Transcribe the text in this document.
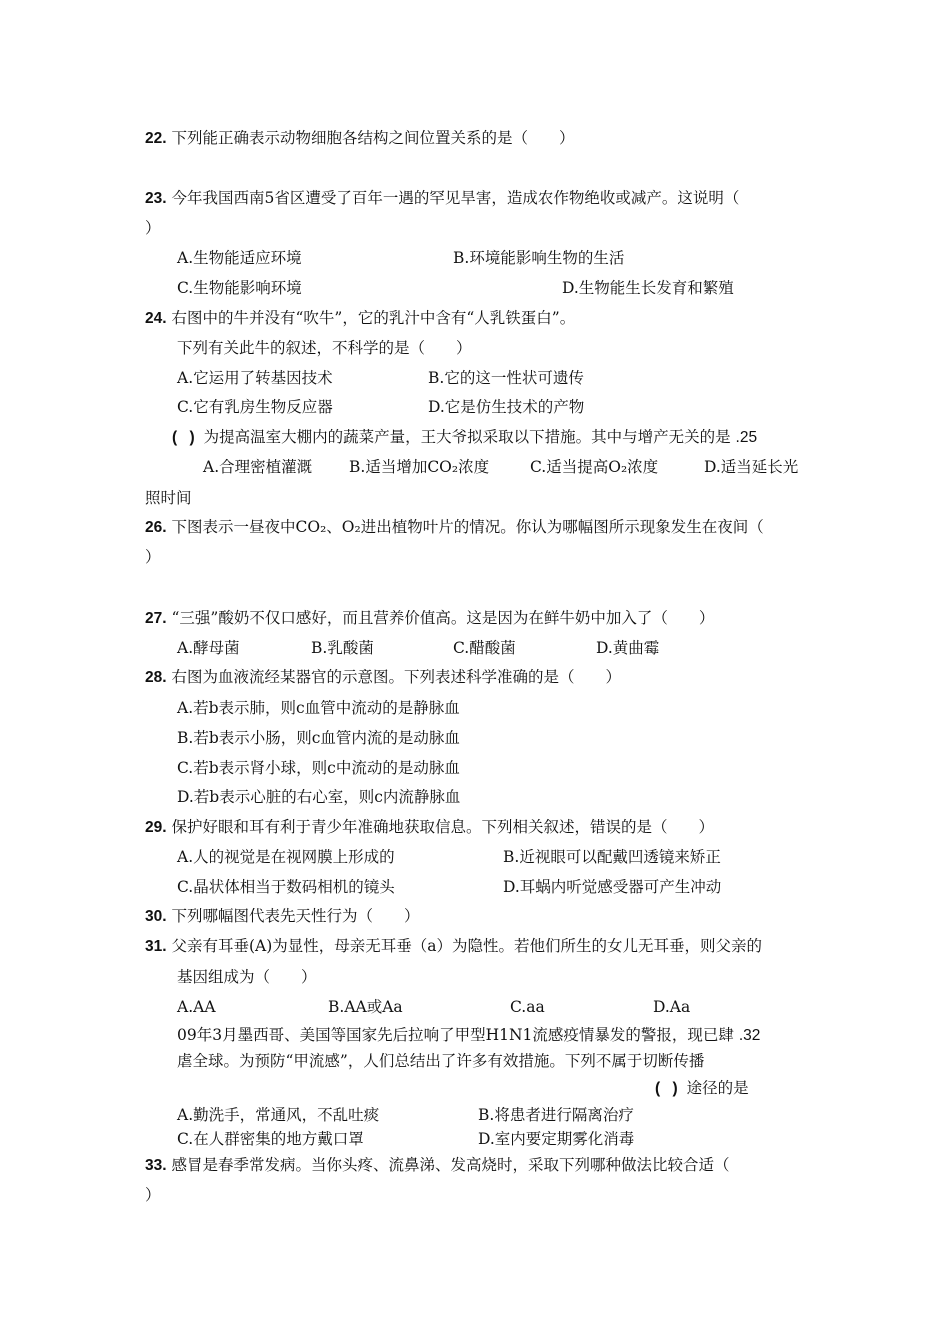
22. 下列能正确表示动物细胞各结构之间位置关系的是（　　）
23. 今年我国西南5省区遭受了百年一遇的罕见旱害，造成农作物绝收或减产。这说明（
）
A.生物能适应环境	B.环境能影响生物的生活
C.生物能影响环境	D.生物能生长发育和繁殖
24. 右图中的牛并没有“吹牛”，它的乳汁中含有“人乳铁蛋白”。
下列有关此牛的叙述，不科学的是（　　）
A.它运用了转基因技术	B.它的这一性状可遗传
C.它有乳房生物反应器	D.它是仿生技术的产物
( ) 为提高温室大棚内的蔬菜产量，王大爷拟采取以下措施。其中与增产无关的是 .25
A.合理密植灌溉 B.适当增加CO₂浓度	C.适当提高O₂浓度	D.适当延长光
照时间
26. 下图表示一昼夜中CO₂、O₂进出植物叶片的情况。你认为哪幅图所示现象发生在夜间（
）
27. “三强”酸奶不仅口感好，而且营养价值高。这是因为在鲜牛奶中加入了（　　）
A.酵母菌	B.乳酸菌	C.醋酸菌	D.黄曲霉
28. 右图为血液流经某器官的示意图。下列表述科学准确的是（　　）
A.若b表示肺，则c血管中流动的是静脉血
B.若b表示小肠，则c血管内流的是动脉血
C.若b表示肾小球，则c中流动的是动脉血
D.若b表示心脏的右心室，则c内流静脉血
29. 保护好眼和耳有利于青少年准确地获取信息。下列相关叙述，错误的是（　　）
A.人的视觉是在视网膜上形成的	B.近视眼可以配戴凹透镜来矫正
C.晶状体相当于数码相机的镜头	D.耳蜗内听觉感受器可产生冲动
30. 下列哪幅图代表先天性行为（　　）
31. 父亲有耳垂(A)为显性，母亲无耳垂（a）为隐性。若他们所生的女儿无耳垂，则父亲的
基因组成为（　　）
A.AA	B.AA或Aa	C.aa	D.Aa
09年3月墨西哥、美国等国家先后拉响了甲型H1N1流感疫情暴发的警报，现已肆 .32
虐全球。为预防“甲流感”，人们总结出了许多有效措施。下列不属于切断传播
( ) 途径的是
A.勤洗手，常通风，不乱吐痰	B.将患者进行隔离治疗
C.在人群密集的地方戴口罩	D.室内要定期雾化消毒
33. 感冒是春季常发病。当你头疼、流鼻涕、发高烧时，采取下列哪种做法比较合适（
）
